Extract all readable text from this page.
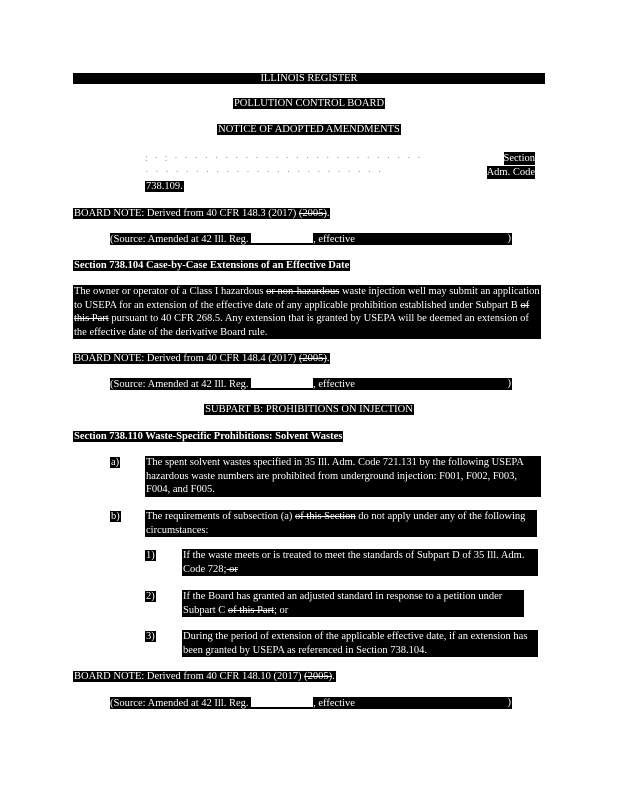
ILLINOIS REGISTER
POLLUTION CONTROL BOARD
NOTICE OF ADOPTED AMENDMENTS
: · : · · · · · · · · · · · · · · · · · · · · · · · · ·	Section
· · · · · · · · · · · · · · · · · · · · · · · ·	Adm. Code
738.109.
BOARD NOTE: Derived from 40 CFR 148.3 (2017) (2005).
(Source: Amended at 42 Ill. Reg.	, effective	)
Section 738.104 Case-by-Case Extensions of an Effective Date
The owner or operator of a Class I hazardous or non-hazardous waste injection well may submit an application to USEPA for an extension of the effective date of any applicable prohibition established under Subpart B of this Part pursuant to 40 CFR 268.5. Any extension that is granted by USEPA will be deemed an extension of the effective date of the derivative Board rule.
BOARD NOTE: Derived from 40 CFR 148.4 (2017) (2005).
(Source: Amended at 42 Ill. Reg.	, effective	)
SUBPART B: PROHIBITIONS ON INJECTION
Section 738.110 Waste-Specific Prohibitions: Solvent Wastes
a)	The spent solvent wastes specified in 35 Ill. Adm. Code 721.131 by the following USEPA hazardous waste numbers are prohibited from underground injection: F001, F002, F003, F004, and F005.
b)	The requirements of subsection (a) of this Section do not apply under any of the following circumstances:
1)	If the waste meets or is treated to meet the standards of Subpart D of 35 Ill. Adm. Code 728; or
2)	If the Board has granted an adjusted standard in response to a petition under Subpart C of this Part; or
3)	During the period of extension of the applicable effective date, if an extension has been granted by USEPA as referenced in Section 738.104.
BOARD NOTE: Derived from 40 CFR 148.10 (2017) (2005).
(Source: Amended at 42 Ill. Reg.	, effective	)
